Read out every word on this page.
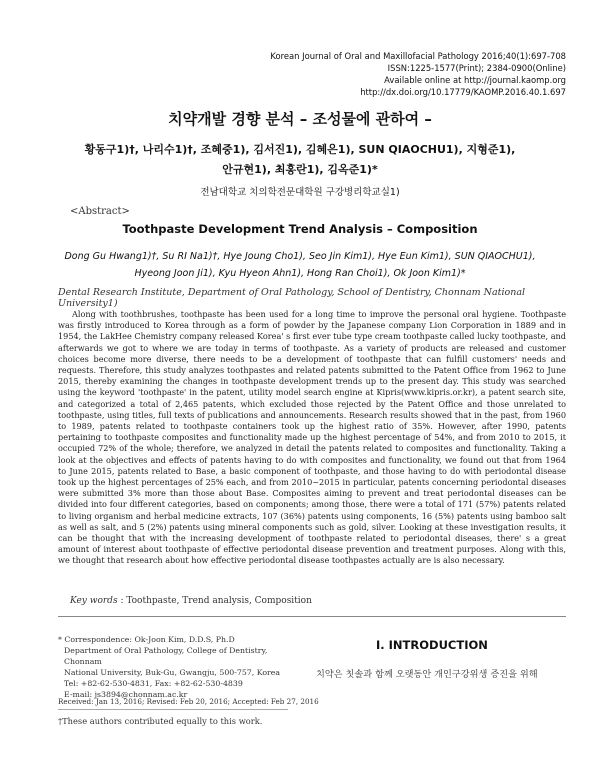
Korean Journal of Oral and Maxillofacial Pathology 2016;40(1):697-708
ISSN:1225-1577(Print); 2384-0900(Online)
Available online at http://journal.kaomp.org
http://dx.doi.org/10.17779/KAOMP.2016.40.1.697
치약개발 경향 분석 – 조성물에 관하여 –
황동구1)†, 나리수1)†, 조혜중1), 김서진1), 김혜은1), SUN QIAOCHU1), 지형준1),
안규현1), 최홍란1), 김옥준1)*
전남대학교 치의학전문대학원 구강병리학교실1)
<Abstract>
Toothpaste Development Trend Analysis – Composition
Dong Gu Hwang1)†, Su RI Na1)†, Hye Joung Cho1), Seo Jin Kim1), Hye Eun Kim1), SUN QIAOCHU1),
Hyeong Joon Ji1), Kyu Hyeon Ahn1), Hong Ran Choi1), Ok Joon Kim1)*
Dental Research Institute, Department of Oral Pathology, School of Dentistry, Chonnam National University1)

Along with toothbrushes, toothpaste has been used for a long time to improve the personal oral hygiene. Toothpaste was firstly introduced to Korea through as a form of powder by the Japanese company Lion Corporation in 1889 and in 1954, the LakHee Chemistry company released Korea' s first ever tube type cream toothpaste called lucky toothpaste, and afterwards we got to where we are today in terms of toothpaste. As a variety of products are released and customer choices become more diverse, there needs to be a development of toothpaste that can fulfill customers' needs and requests. Therefore, this study analyzes toothpastes and related patents submitted to the Patent Office from 1962 to June 2015, thereby examining the changes in toothpaste development trends up to the present day. This study was searched using the keyword 'toothpaste' in the patent, utility model search engine at Kipris(www.kipris.or.kr), a patent search site, and categorized a total of 2,465 patents, which excluded those rejected by the Patent Office and those unrelated to toothpaste, using titles, full texts of publications and announcements. Research results showed that in the past, from 1960 to 1989, patents related to toothpaste containers took up the highest ratio of 35%. However, after 1990, patents pertaining to toothpaste composites and functionality made up the highest percentage of 54%, and from 2010 to 2015, it occupied 72% of the whole; therefore, we analyzed in detail the patents related to composites and functionality. Taking a look at the objectives and effects of patents having to do with composites and functionality, we found out that from 1964 to June 2015, patents related to Base, a basic component of toothpaste, and those having to do with periodontal disease took up the highest percentages of 25% each, and from 2010~2015 in particular, patents concerning periodontal diseases were submitted 3% more than those about Base. Composites aiming to prevent and treat periodontal diseases can be divided into four different categories, based on components; among those, there were a total of 171 (57%) patents related to living organism and herbal medicine extracts, 107 (36%) patents using components, 16 (5%) patents using bamboo salt as well as salt, and 5 (2%) patents using mineral components such as gold, silver. Looking at these investigation results, it can be thought that with the increasing development of toothpaste related to periodontal diseases, there' s a great amount of interest about toothpaste of effective periodontal disease prevention and treatment purposes. Along with this, we thought that research about how effective periodontal disease toothpastes actually are is also necessary.

Key words : Toothpaste, Trend analysis, Composition
* Correspondence: Ok-Joon Kim, D.D.S, Ph.D
Department of Oral Pathology, College of Dentistry, Chonnam
National University, Buk-Gu, Gwangju, 500-757, Korea
Tel: +82-62-530-4831, Fax: +82-62-530-4839
E-mail: js3894@chonnam.ac.kr
Received: Jan 13, 2016; Revised: Feb 20, 2016; Accepted: Feb 27, 2016
†These authors contributed equally to this work.
Ⅰ. INTRODUCTION
치약은 칫솔과 함께 오랫동안 개인구강위생 증진을 위해
